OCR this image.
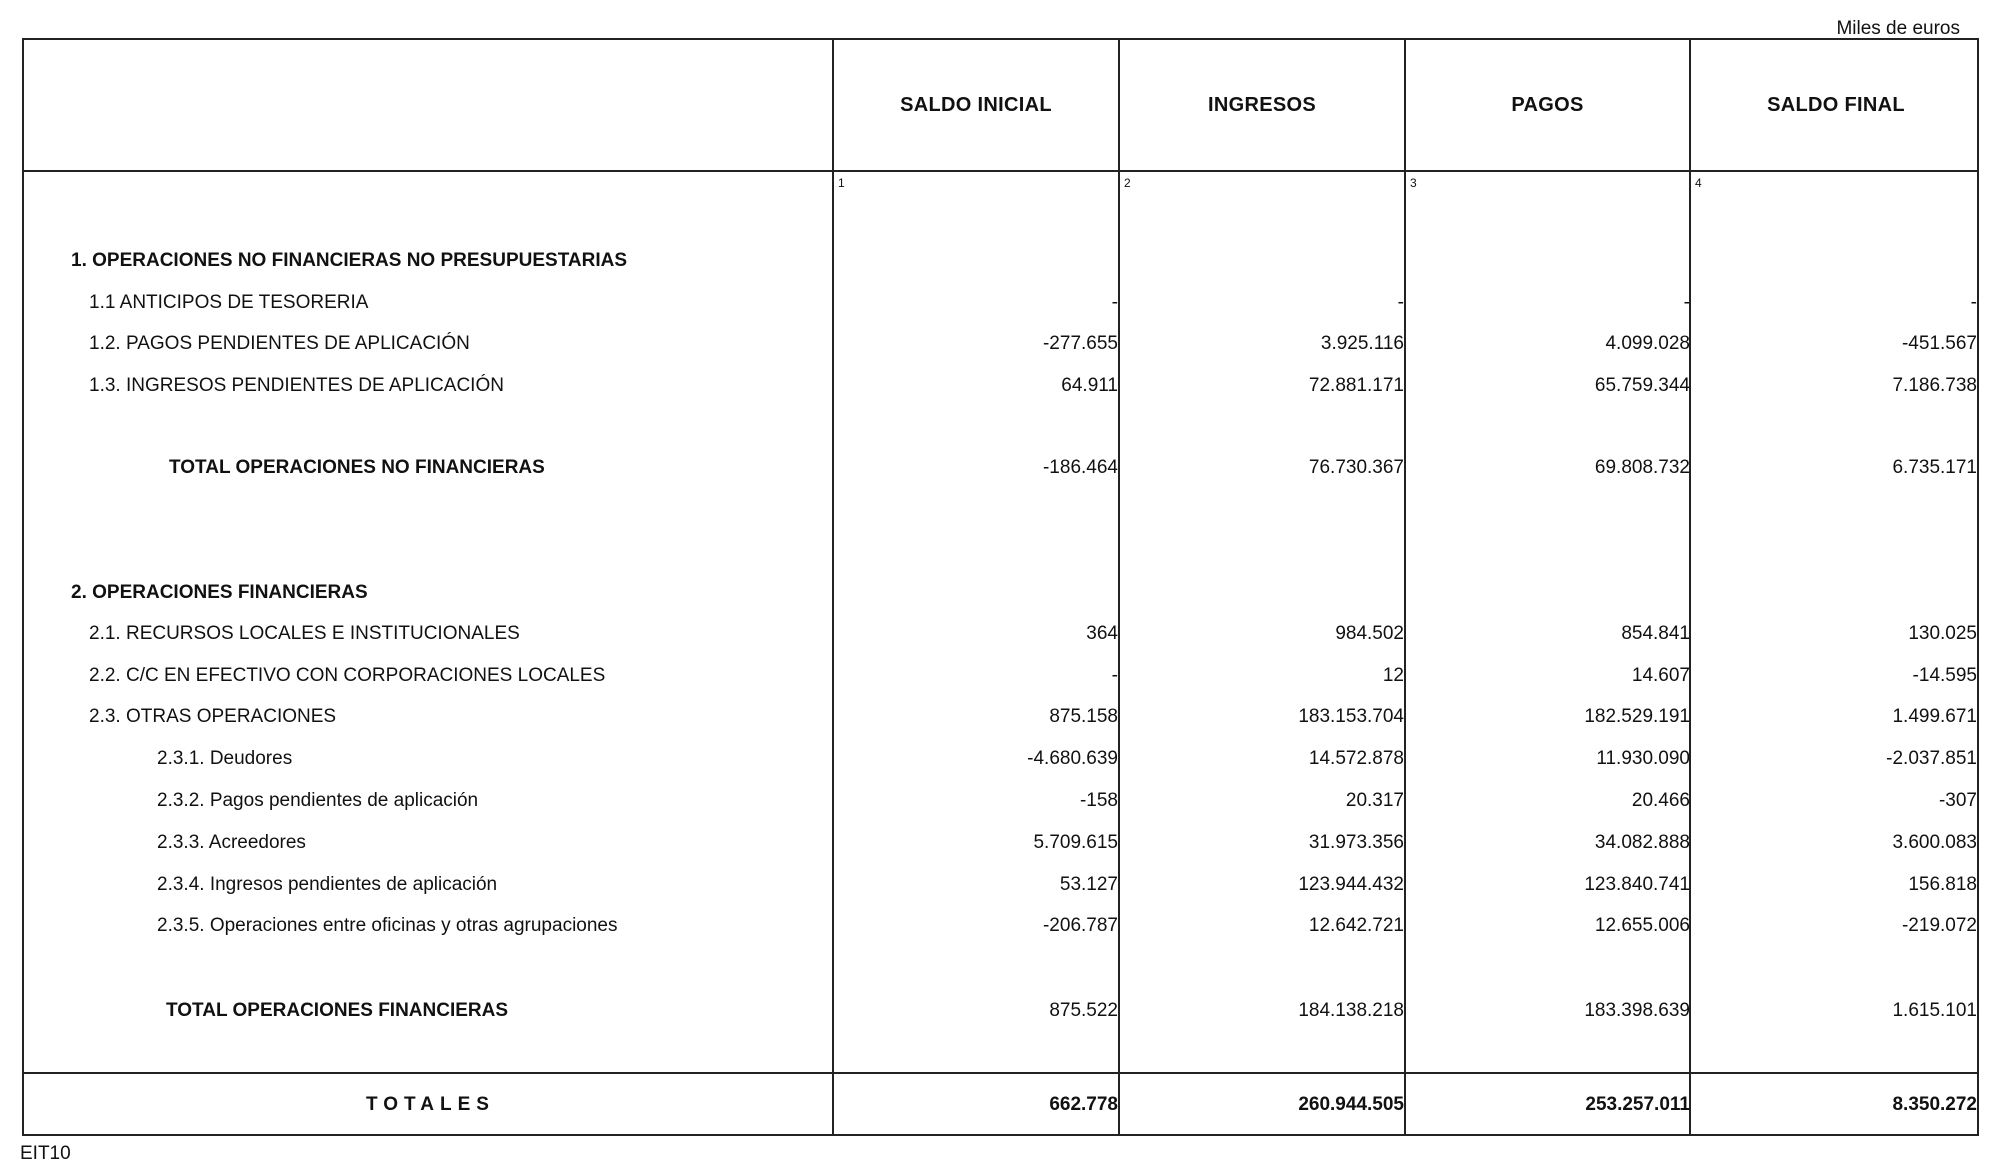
Miles de euros
SALDO INICIAL	INGRESOS	PAGOS	SALDO FINAL
1	2	3	4
1. OPERACIONES NO FINANCIERAS NO PRESUPUESTARIAS
1.1 ANTICIPOS DE TESORERIA	-	-	-	-
1.2. PAGOS PENDIENTES DE APLICACIÓN	-277.655	3.925.116	4.099.028	-451.567
1.3. INGRESOS PENDIENTES DE APLICACIÓN	64.911	72.881.171	65.759.344	7.186.738
TOTAL OPERACIONES NO FINANCIERAS	-186.464	76.730.367	69.808.732	6.735.171
2. OPERACIONES FINANCIERAS
2.1. RECURSOS LOCALES E INSTITUCIONALES	364	984.502	854.841	130.025
2.2. C/C EN EFECTIVO CON CORPORACIONES LOCALES	-	12	14.607	-14.595
2.3. OTRAS OPERACIONES	875.158	183.153.704	182.529.191	1.499.671
2.3.1. Deudores	-4.680.639	14.572.878	11.930.090	-2.037.851
2.3.2. Pagos pendientes de aplicación	-158	20.317	20.466	-307
2.3.3. Acreedores	5.709.615	31.973.356	34.082.888	3.600.083
2.3.4. Ingresos pendientes de aplicación	53.127	123.944.432	123.840.741	156.818
2.3.5. Operaciones entre oficinas y otras agrupaciones	-206.787	12.642.721	12.655.006	-219.072
TOTAL OPERACIONES FINANCIERAS	875.522	184.138.218	183.398.639	1.615.101
TOTALES	662.778	260.944.505	253.257.011	8.350.272
EIT10
